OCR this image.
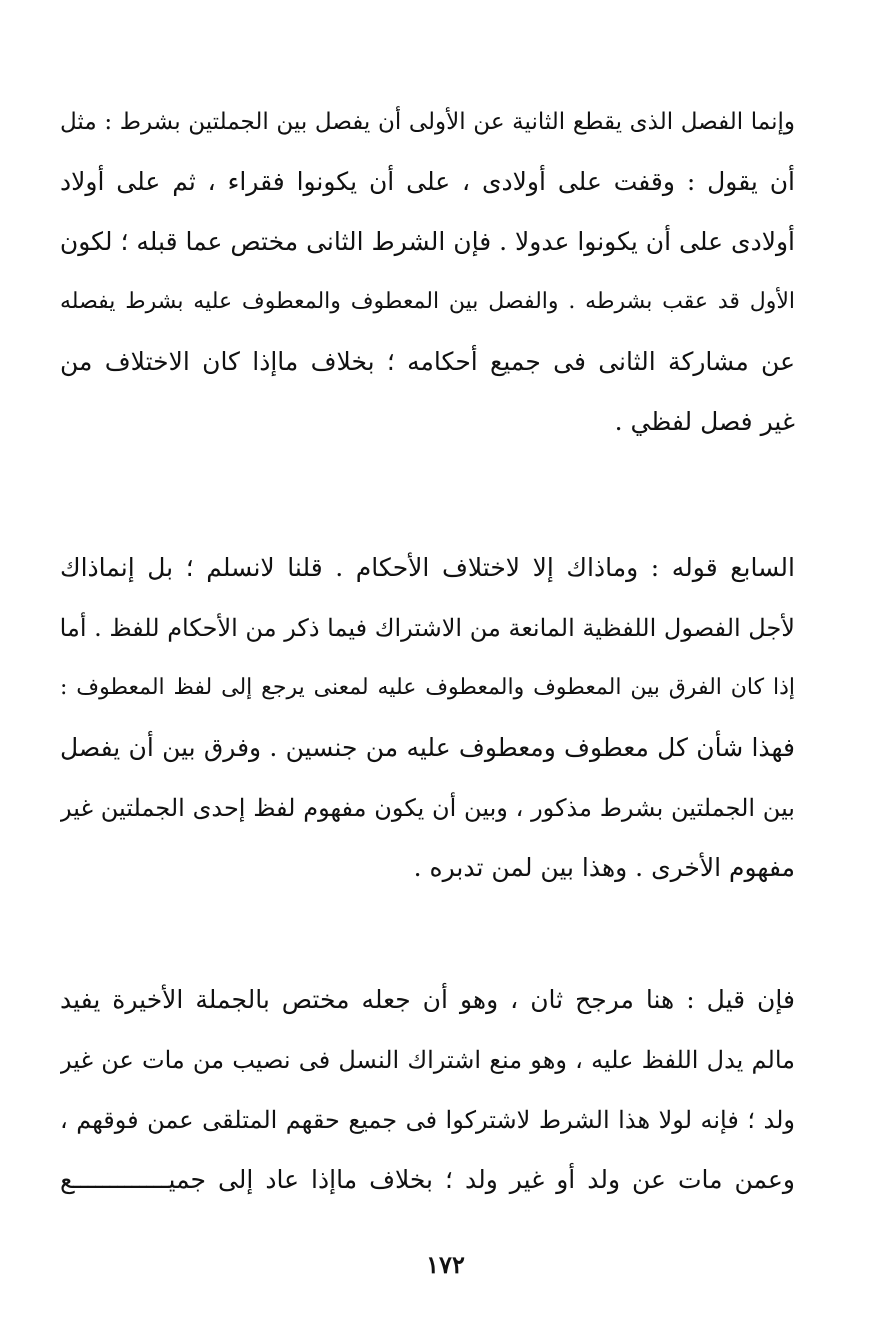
وإنما الفصل الذى يقطع الثانية عن الأولى أن يفصل بين الجملتين بشرط : مثل
أن يقول : وقفت على أولادى ، على أن يكونوا فقراء ، ثم على أولاد
أولادى على أن يكونوا عدولا . فإن الشرط الثانى مختص عما قبله ؛ لكون
الأول قد عقب بشرطه . والفصل بين المعطوف والمعطوف عليه بشرط يفصله
عن مشاركة الثانى فى جميع أحكامه ؛ بخلاف ماإذا كان الاختلاف من
غير فصل لفظي .
السابع قوله : وماذاك إلا لاختلاف الأحكام . قلنا لانسلم ؛ بل إنماذاك
لأجل الفصول اللفظية المانعة من الاشتراك فيما ذكر من الأحكام للفظ . أما
إذا كان الفرق بين المعطوف والمعطوف عليه لمعنى يرجع إلى لفظ المعطوف :
فهذا شأن كل معطوف ومعطوف عليه من جنسين . وفرق بين أن يفصل
بين الجملتين بشرط مذكور ، وبين أن يكون مفهوم لفظ إحدى الجملتين غير
مفهوم الأخرى . وهذا بين لمن تدبره .
فإن قيل : هنا مرجح ثان ، وهو أن جعله مختص بالجملة الأخيرة يفيد
مالم يدل اللفظ عليه ، وهو منع اشتراك النسل فى نصيب من مات عن غير
ولد ؛ فإنه لولا هذا الشرط لاشتركوا فى جميع حقهم المتلقى عمن فوقهم ،
وعمن مات عن ولد أو غير ولد ؛ بخلاف ماإذا عاد إلى جميـــــــــــــع
١٧٢
